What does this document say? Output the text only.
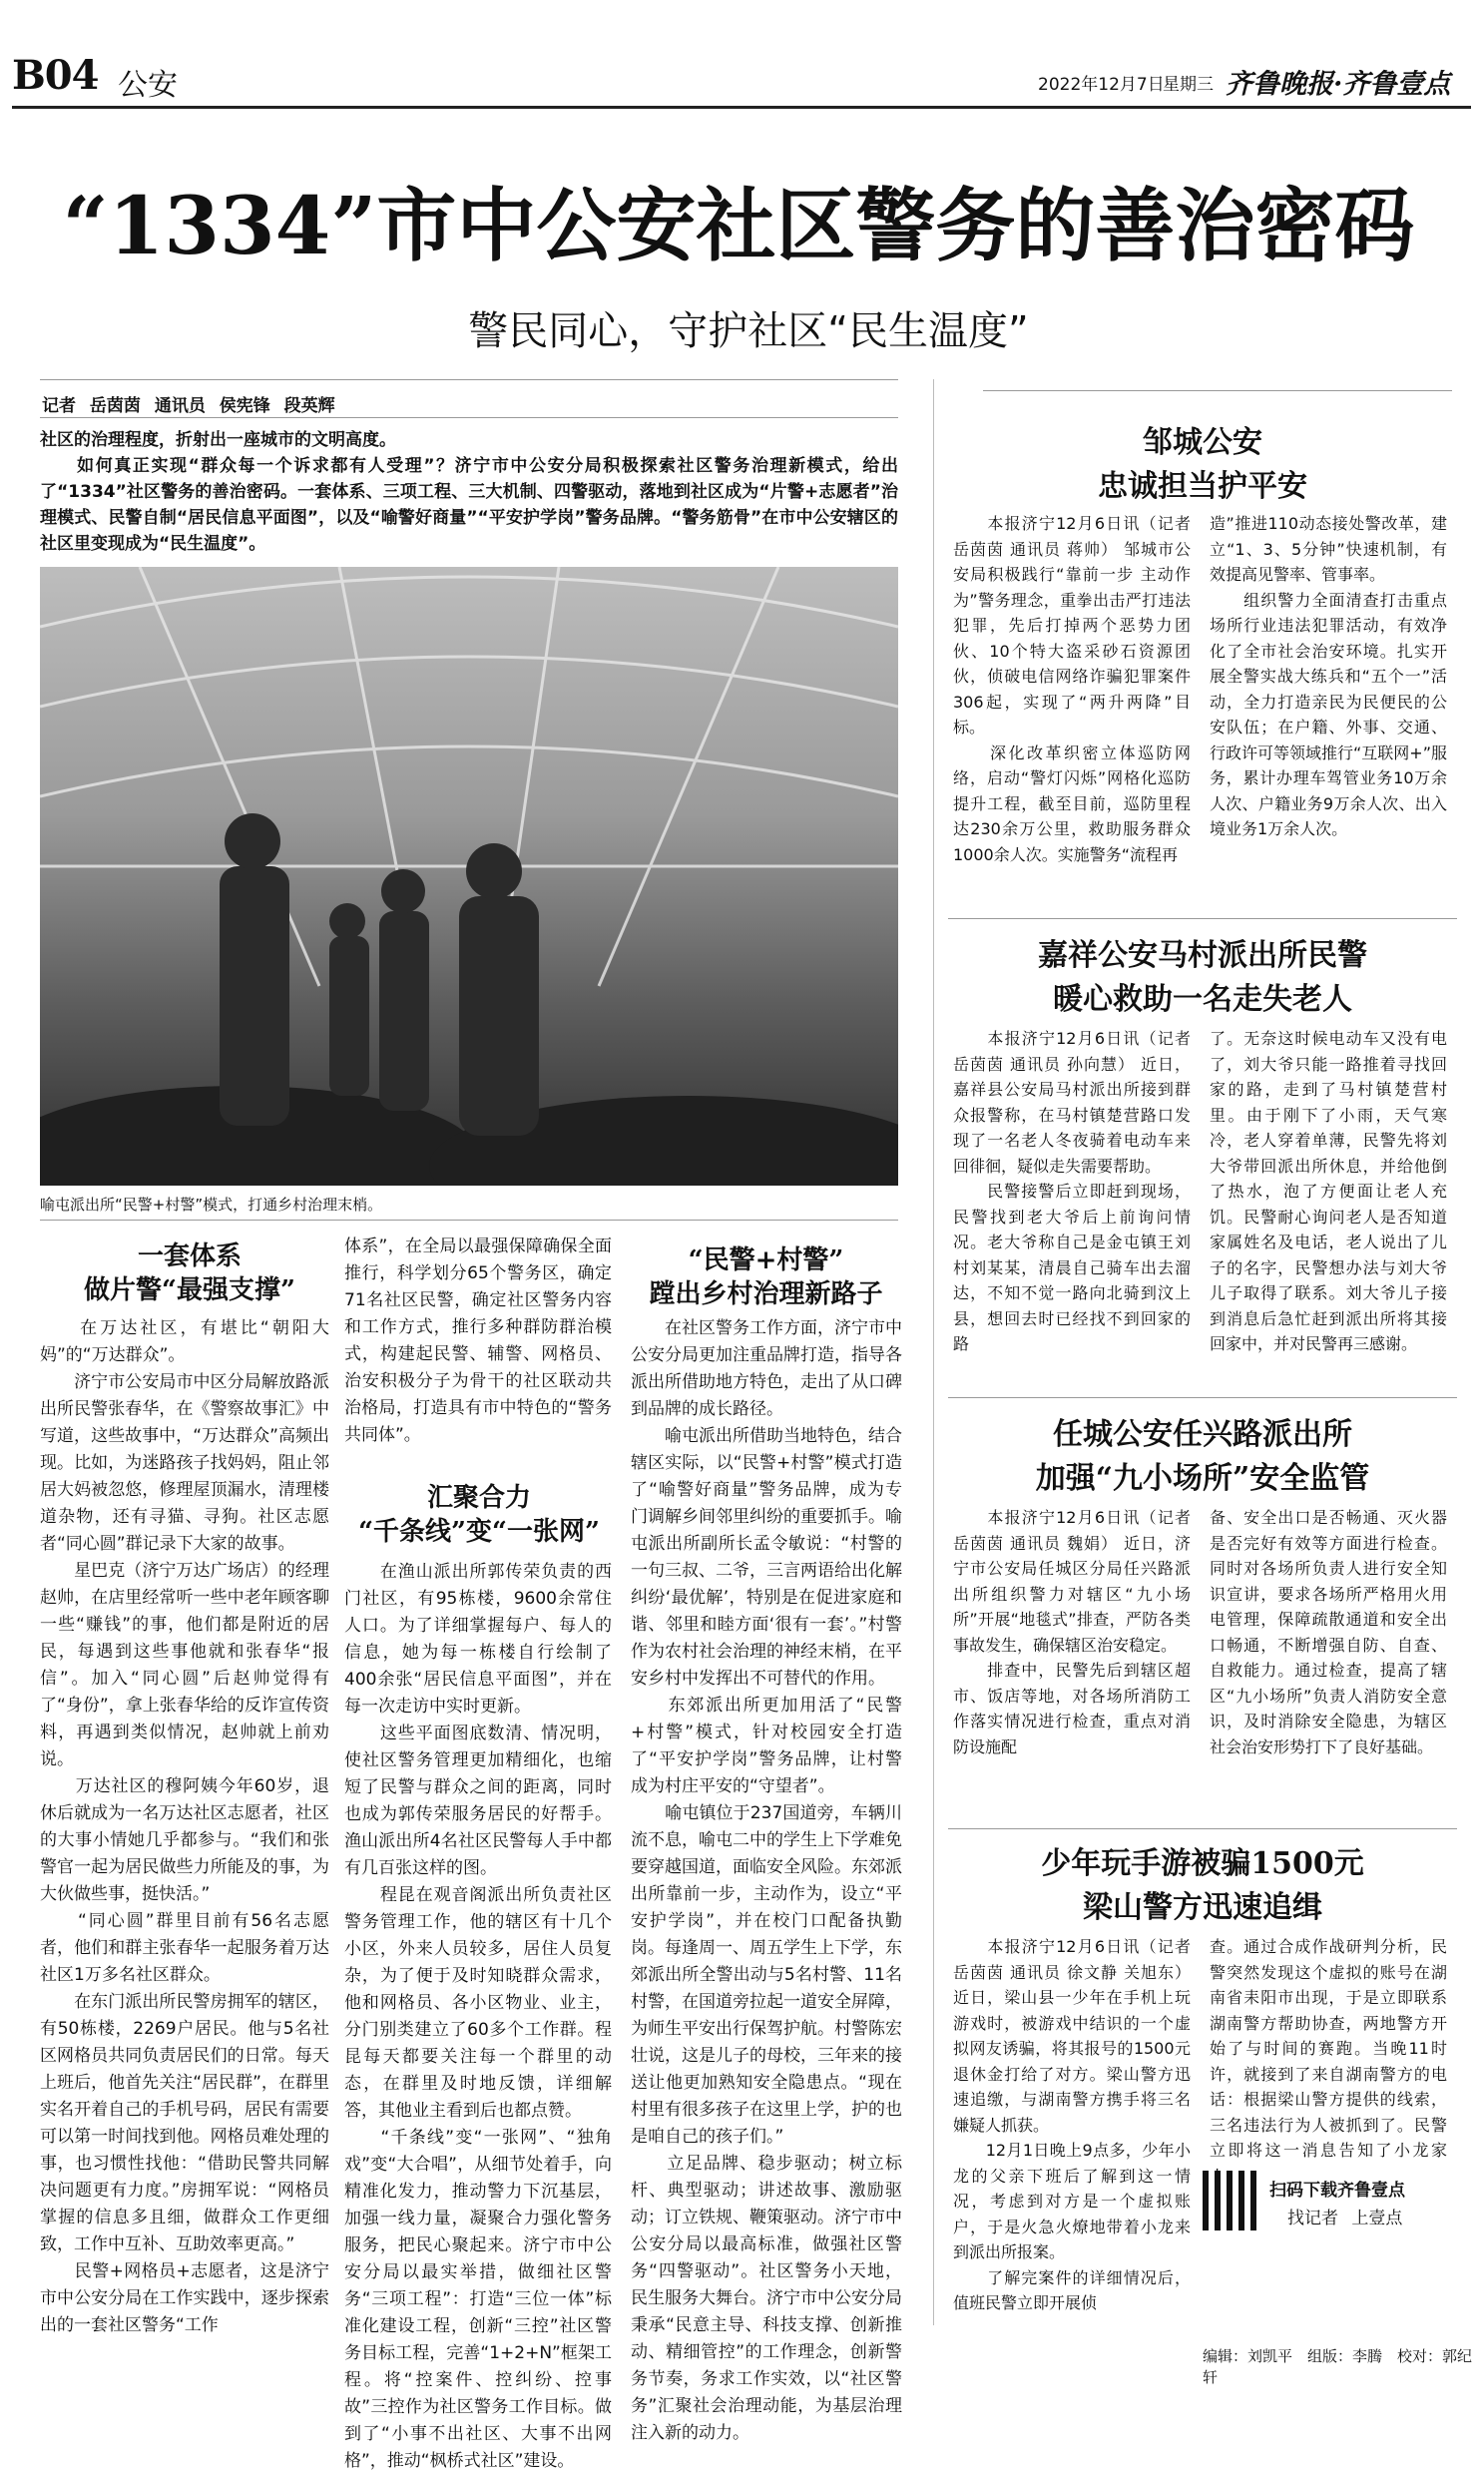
B04 公安	2022年12月7日
星期三 齐鲁晚报·齐鲁壹点
“1334”市中公安社区警务的善治密码
警民同心，守护社区“民生温度”
记者 岳茵茵 通讯员 侯宪锋 段英辉
社区的治理程度，折射出一座城市的文明高度。
　　如何真正实现“群众每一个诉求都有人受理”？济宁市中公安分局积极探索社区警务治理新模式，给出了“1334”社区警务的善治密码。一套体系、三项工程、三大机制、四警驱动，落地到社区成为“片警+志愿者”治理模式、民警自制“居民信息平面图”，以及“喻警好商量”“平安护学岗”警务品牌。“警务筋骨”在市中公安辖区的社区里变现成为“民生温度”。
喻屯派出所“民警+村警”模式，打通乡村治理末梢。
一套体系
做片警“最强支撑”
　　在万达社区，有堪比“朝阳大妈”的“万达群众”。
　　济宁市公安局市中区分局解放路派出所民警张春华，在《警察故事汇》中写道，这些故事中，“万达群众”高频出现。比如，为迷路孩子找妈妈，阻止邻居大妈被忽悠，修理屋顶漏水，清理楼道杂物，还有寻猫、寻狗。社区志愿者“同心圆”群记录下大家的故事。
　　星巴克（济宁万达广场店）的经理赵帅，在店里经常听一些中老年顾客聊一些“赚钱”的事，他们都是附近的居民，每遇到这些事他就和张春华“报信”。加入“同心圆”后赵帅觉得有了“身份”，拿上张春华给的反诈宣传资料，再遇到类似情况，赵帅就上前劝说。
　　万达社区的穆阿姨今年60岁，退休后就成为一名万达社区志愿者，社区的大事小情她几乎都参与。“我们和张警官一起为居民做些力所能及的事，为大伙做些事，挺快活。”
　　“同心圆”群里目前有56名志愿者，他们和群主张春华一起服务着万达社区1万多名社区群众。
　　在东门派出所民警房拥军的辖区，有50栋楼，2269户居民。他与5名社区网格员共同负责居民们的日常。每天上班后，他首先关注“居民群”，在群里实名开着自己的手机号码，居民有需要可以第一时间找到他。网格员难处理的事，也习惯性找他：“借助民警共同解决问题更有力度。”房拥军说：“网格员掌握的信息多且细，做群众工作更细致，工作中互补、互助效率更高。”
　　民警+网格员+志愿者，这是济宁市中公安分局在工作实践中，逐步探索出的一套社区警务“工作
体系”，在全局以最强保障确保全面推行，科学划分65个警务区，确定71名社区民警，确定社区警务内容和工作方式，推行多种群防群治模式，构建起民警、辅警、网格员、治安积极分子为骨干的社区联动共治格局，打造具有市中特色的“警务共同体”。
汇聚合力
“千条线”变“一张网”
　　在渔山派出所郭传荣负责的西门社区，有95栋楼，9600余常住人口。为了详细掌握每户、每人的信息，她为每一栋楼自行绘制了400余张“居民信息平面图”，并在每一次走访中实时更新。
　　这些平面图底数清、情况明，使社区警务管理更加精细化，也缩短了民警与群众之间的距离，同时也成为郭传荣服务居民的好帮手。渔山派出所4名社区民警每人手中都有几百张这样的图。
　　程昆在观音阁派出所负责社区警务管理工作，他的辖区有十几个小区，外来人员较多，居住人员复杂，为了便于及时知晓群众需求，他和网格员、各小区物业、业主，分门别类建立了60多个工作群。程昆每天都要关注每一个群里的动态，在群里及时地反馈，详细解答，其他业主看到后也都点赞。
　　“千条线”变“一张网”、“独角戏”变“大合唱”，从细节处着手，向精准化发力，推动警力下沉基层，加强一线力量，凝聚合力强化警务服务，把民心聚起来。济宁市中公安分局以最实举措，做细社区警务“三项工程”：打造“三位一体”标准化建设工程，创新“三控”社区警务目标工程，完善“1+2+N”框架工程。将“控案件、控纠纷、控事故”三控作为社区警务工作目标。做到了“小事不出社区、大事不出网格”，推动“枫桥式社区”建设。
“民警+村警”
蹚出乡村治理新路子
　　在社区警务工作方面，济宁市中公安分局更加注重品牌打造，指导各派出所借助地方特色，走出了从口碑到品牌的成长路径。
　　喻屯派出所借助当地特色，结合辖区实际，以“民警+村警”模式打造了“喻警好商量”警务品牌，成为专门调解乡间邻里纠纷的重要抓手。喻屯派出所副所长孟令敏说：“村警的一句三叔、二爷，三言两语给出化解纠纷‘最优解’，特别是在促进家庭和谐、邻里和睦方面‘很有一套’。”村警作为农村社会治理的神经末梢，在平安乡村中发挥出不可替代的作用。
　　东郊派出所更加用活了“民警+村警”模式，针对校园安全打造了“平安护学岗”警务品牌，让村警成为村庄平安的“守望者”。
　　喻屯镇位于237国道旁，车辆川流不息，喻屯二中的学生上下学难免要穿越国道，面临安全风险。东郊派出所靠前一步，主动作为，设立“平安护学岗”，并在校门口配备执勤岗。每逢周一、周五学生上下学，东郊派出所全警出动与5名村警、11名村警，在国道旁拉起一道安全屏障，为师生平安出行保驾护航。村警陈宏壮说，这是儿子的母校，三年来的接送让他更加熟知安全隐患点。“现在村里有很多孩子在这里上学，护的也是咱自己的孩子们。”
　　立足品牌、稳步驱动；树立标杆、典型驱动；讲述故事、激励驱动；订立铁规、鞭策驱动。济宁市中公安分局以最高标准，做强社区警务“四警驱动”。社区警务小天地，民生服务大舞台。济宁市中公安分局秉承“民意主导、科技支撑、创新推动、精细管控”的工作理念，创新警务节奏，务求工作实效，以“社区警务”汇聚社会治理动能，为基层治理注入新的动力。
邹城公安
忠诚担当护平安
　　本报济宁12月6日讯（记者 岳茵茵 通讯员 蒋帅） 邹城市公安局积极践行“靠前一步 主动作为”警务理念，重拳出击严打违法犯罪，先后打掉两个恶势力团伙、10个特大盗采砂石资源团伙，侦破电信网络诈骗犯罪案件306起，实现了“两升两降”目标。
　　深化改革织密立体巡防网络，启动“警灯闪烁”网格化巡防提升工程，截至目前，巡防里程达230余万公里，救助服务群众1000余人次。实施警务“流程再
造”推进110动态接处警改革，建立“1、3、5分钟”快速机制，有效提高见警率、管事率。
　　组织警力全面清查打击重点场所行业违法犯罪活动，有效净化了全市社会治安环境。扎实开展全警实战大练兵和“五个一”活动，全力打造亲民为民便民的公安队伍；在户籍、外事、交通、行政许可等领域推行“互联网+”服务，累计办理车驾管业务10万余人次、户籍业务9万余人次、出入境业务1万余人次。
嘉祥公安马村派出所民警
暖心救助一名走失老人
　　本报济宁12月6日讯（记者 岳茵茵 通讯员 孙向慧） 近日，嘉祥县公安局马村派出所接到群众报警称，在马村镇楚营路口发现了一名老人冬夜骑着电动车来回徘徊，疑似走失需要帮助。
　　民警接警后立即赶到现场，民警找到老大爷后上前询问情况。老大爷称自己是金屯镇王刘村刘某某，清晨自己骑车出去溜达，不知不觉一路向北骑到汶上县，想回去时已经找不到回家的路
了。无奈这时候电动车又没有电了，刘大爷只能一路推着寻找回家的路，走到了马村镇楚营村里。由于刚下了小雨，天气寒冷，老人穿着单薄，民警先将刘大爷带回派出所休息，并给他倒了热水，泡了方便面让老人充饥。民警耐心询问老人是否知道家属姓名及电话，老人说出了儿子的名字，民警想办法与刘大爷儿子取得了联系。刘大爷儿子接到消息后急忙赶到派出所将其接回家中，并对民警再三感谢。
任城公安任兴路派出所
加强“九小场所”安全监管
　　本报济宁12月6日讯（记者 岳茵茵 通讯员 魏娟） 近日，济宁市公安局任城区分局任兴路派出所组织警力对辖区“九小场所”开展“地毯式”排查，严防各类事故发生，确保辖区治安稳定。
　　排查中，民警先后到辖区超市、饭店等地，对各场所消防工作落实情况进行检查，重点对消防设施配
备、安全出口是否畅通、灭火器是否完好有效等方面进行检查。同时对各场所负责人进行安全知识宣讲，要求各场所严格用火用电管理，保障疏散通道和安全出口畅通，不断增强自防、自查、自救能力。通过检查，提高了辖区“九小场所”负责人消防安全意识，及时消除安全隐患，为辖区社会治安形势打下了良好基础。
少年玩手游被骗1500元
梁山警方迅速追缉
　　本报济宁12月6日讯（记者 岳茵茵 通讯员 徐文静 关旭东） 近日，梁山县一少年在手机上玩游戏时，被游戏中结识的一个虚拟网友诱骗，将其报号的1500元退休金打给了对方。梁山警方迅速追缴，与湖南警方携手将三名嫌疑人抓获。
　　12月1日晚上9点多，少年小龙的父亲下班后了解到这一情况，考虑到对方是一个虚拟账户，于是火急火燎地带着小龙来到派出所报案。
　　了解完案件的详细情况后，值班民警立即开展侦
查。通过合成作战研判分析，民警突然发现这个虚拟的账号在湖南省耒阳市出现，于是立即联系湖南警方帮助协查，两地警方开始了与时间的赛跑。当晚11时许，就接到了来自湖南警方的电话：根据梁山警方提供的线索，三名违法行为人被抓到了。民警立即将这一消息告知了小龙家
扫码下载齐鲁壹点
找记者 上壹点
编辑：刘凯平　组版：李腾　校对：郭纪轩
